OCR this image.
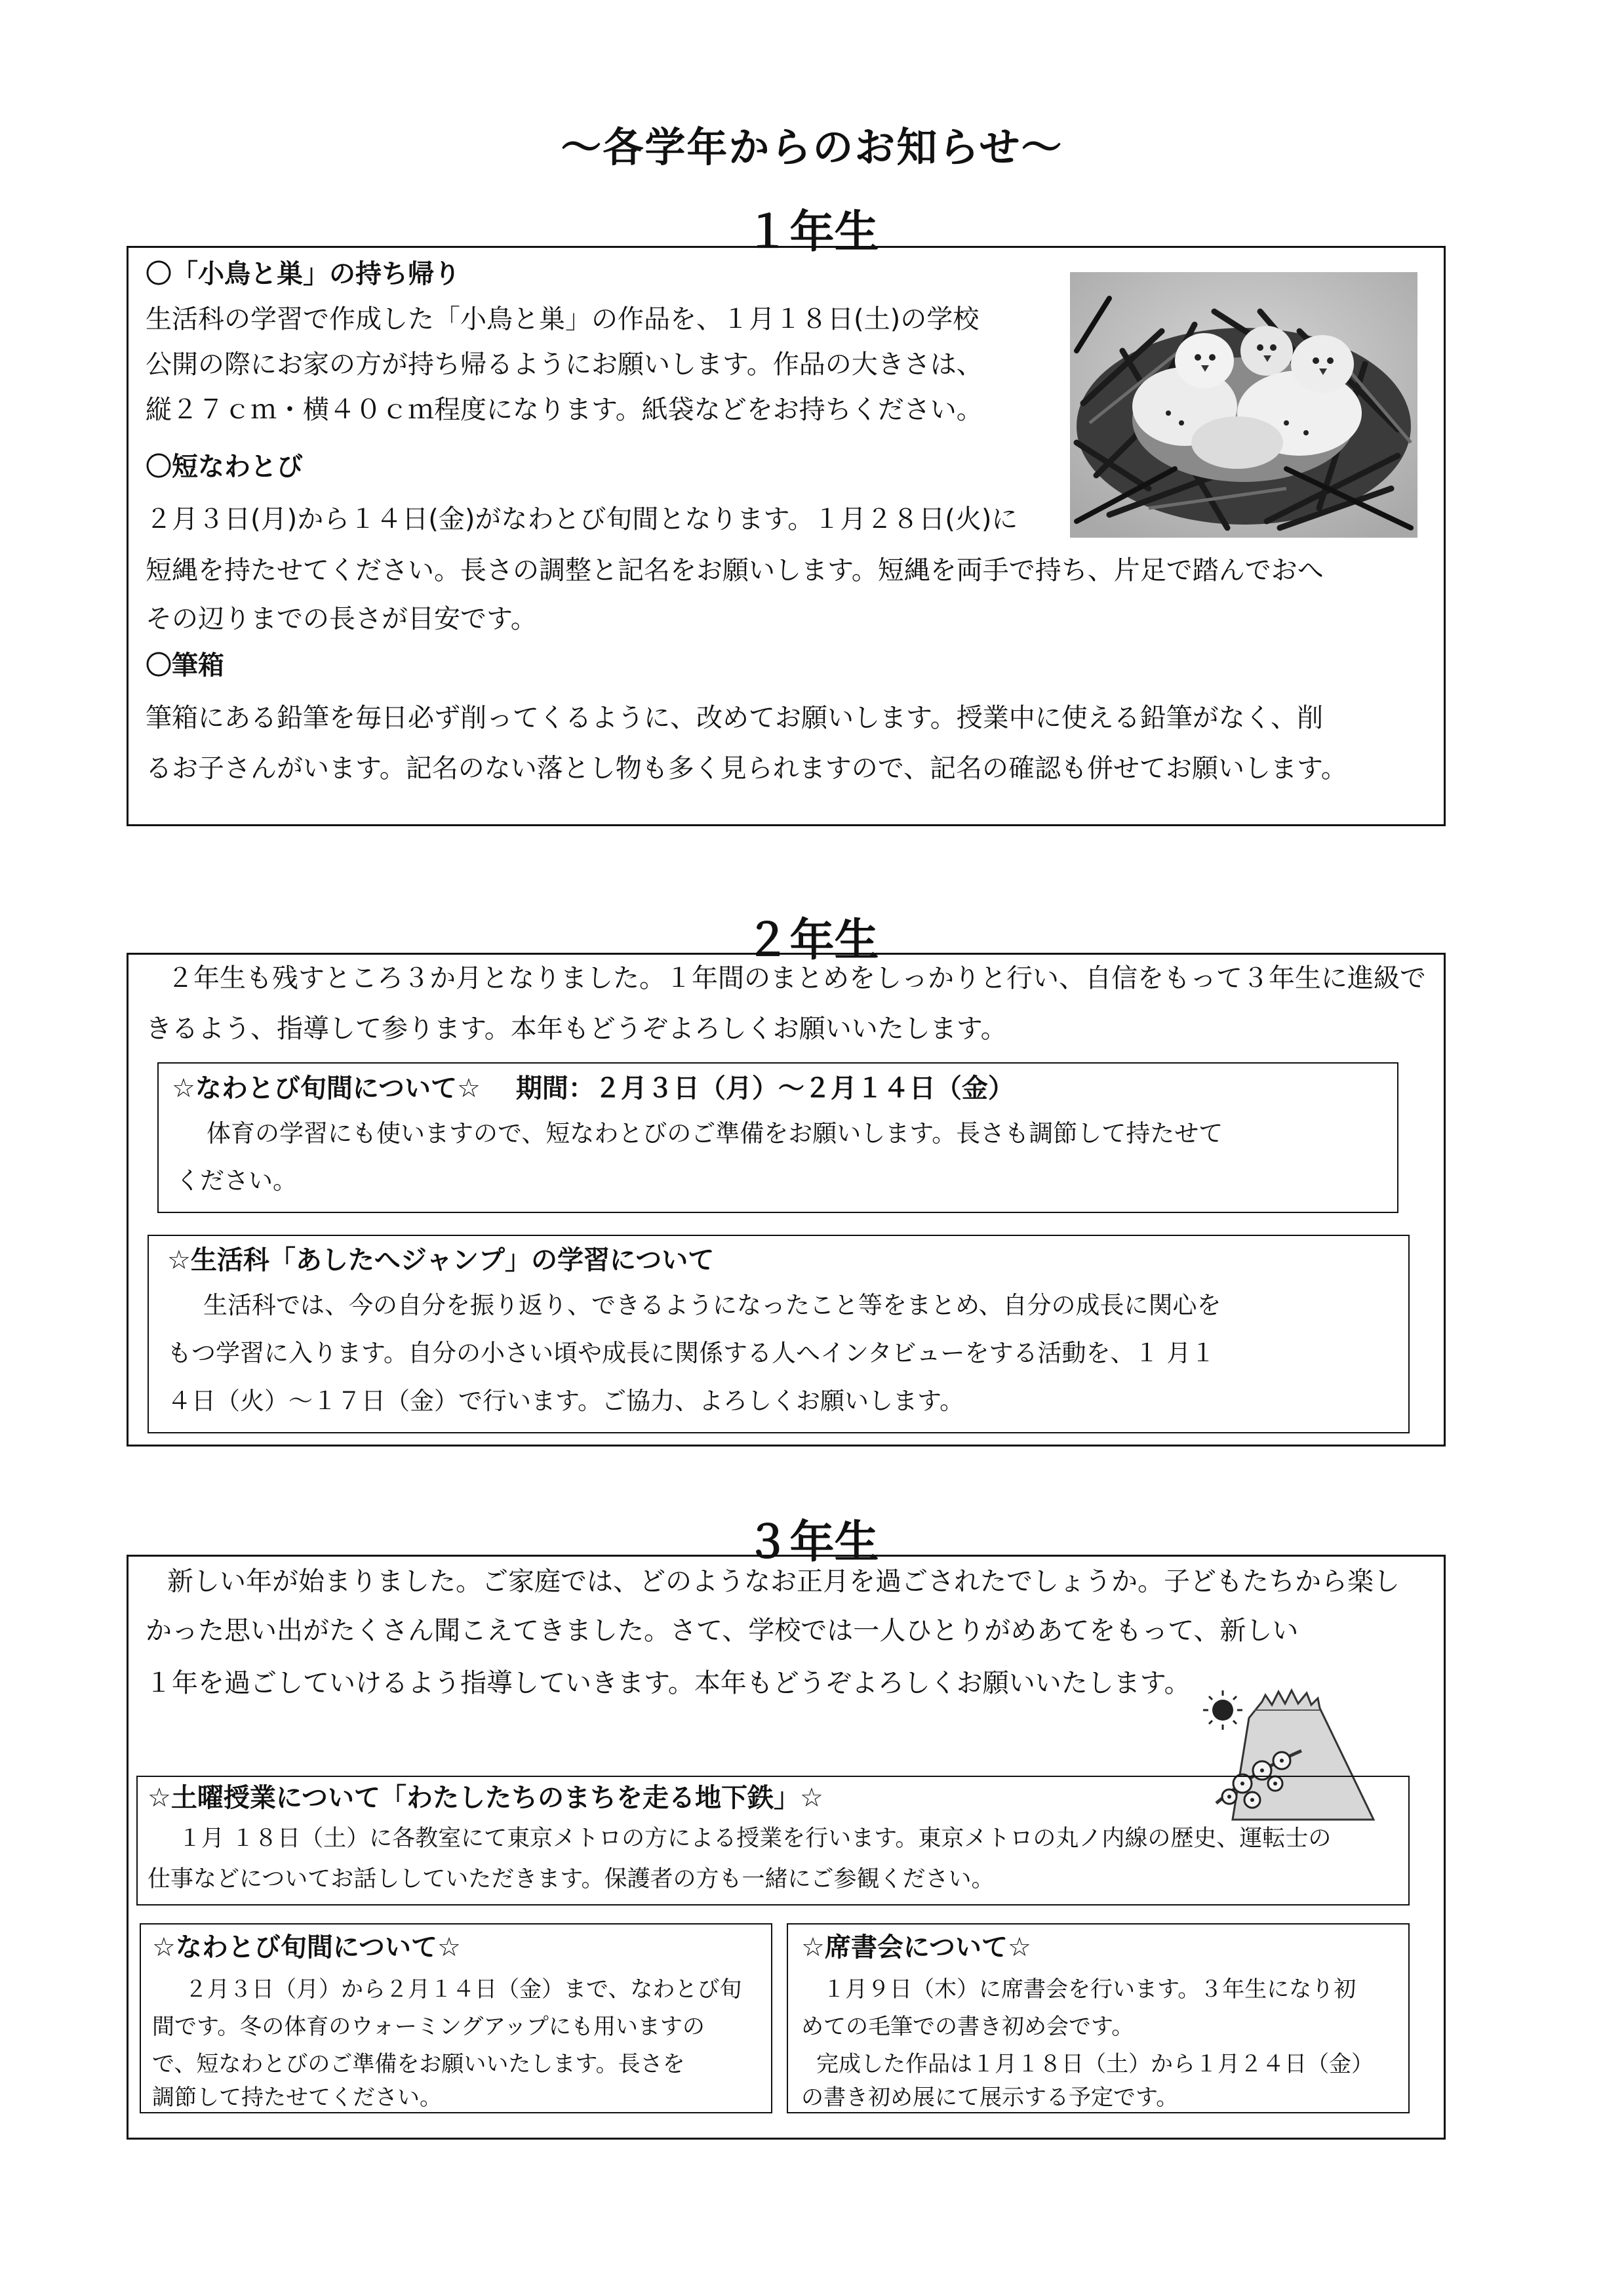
～各学年からのお知らせ～
１年生
〇「小鳥と巣」の持ち帰り
生活科の学習で作成した「小鳥と巣」の作品を、１月１８日(土)の学校
公開の際にお家の方が持ち帰るようにお願いします。作品の大きさは、
縦２７ｃｍ・横４０ｃｍ程度になります。紙袋などをお持ちください。
〇短なわとび
２月３日(月)から１４日(金)がなわとび旬間となります。１月２８日(火)に
短縄を持たせてください。長さの調整と記名をお願いします。短縄を両手で持ち、片足で踏んでおへ
その辺りまでの長さが目安です。
〇筆箱
筆箱にある鉛筆を毎日必ず削ってくるように、改めてお願いします。授業中に使える鉛筆がなく、削
るお子さんがいます。記名のない落とし物も多く見られますので、記名の確認も併せてお願いします。
２年生
２年生も残すところ３か月となりました。１年間のまとめをしっかりと行い、自信をもって３年生に進級で
きるよう、指導して参ります。本年もどうぞよろしくお願いいたします。
☆なわとび旬間について☆　 期間：２月３日（月）～２月１４日（金）
体育の学習にも使いますので、短なわとびのご準備をお願いします。長さも調節して持たせて
ください。
☆生活科「あしたへジャンプ」の学習について
生活科では、今の自分を振り返り、できるようになったこと等をまとめ、自分の成長に関心を
もつ学習に入ります。自分の小さい頃や成長に関係する人へインタビューをする活動を、１ 月１
４日（火）～１７日（金）で行います。ご協力、よろしくお願いします。
３年生
新しい年が始まりました。ご家庭では、どのようなお正月を過ごされたでしょうか。子どもたちから楽し
かった思い出がたくさん聞こえてきました。さて、学校では一人ひとりがめあてをもって、新しい
１年を過ごしていけるよう指導していきます。本年もどうぞよろしくお願いいたします。
☆土曜授業について「わたしたちのまちを走る地下鉄」☆
１月 １８日（土）に各教室にて東京メトロの方による授業を行います。東京メトロの丸ノ内線の歴史、運転士の
仕事などについてお話ししていただきます。保護者の方も一緒にご参観ください。
☆なわとび旬間について☆
２月３日（月）から２月１４日（金）まで、なわとび旬
間です。冬の体育のウォーミングアップにも用いますの
で、短なわとびのご準備をお願いいたします。長さを
調節して持たせてください。
☆席書会について☆
１月９日（木）に席書会を行います。３年生になり初
めての毛筆での書き初め会です。
完成した作品は１月１８日（土）から１月２４日（金）
の書き初め展にて展示する予定です。
